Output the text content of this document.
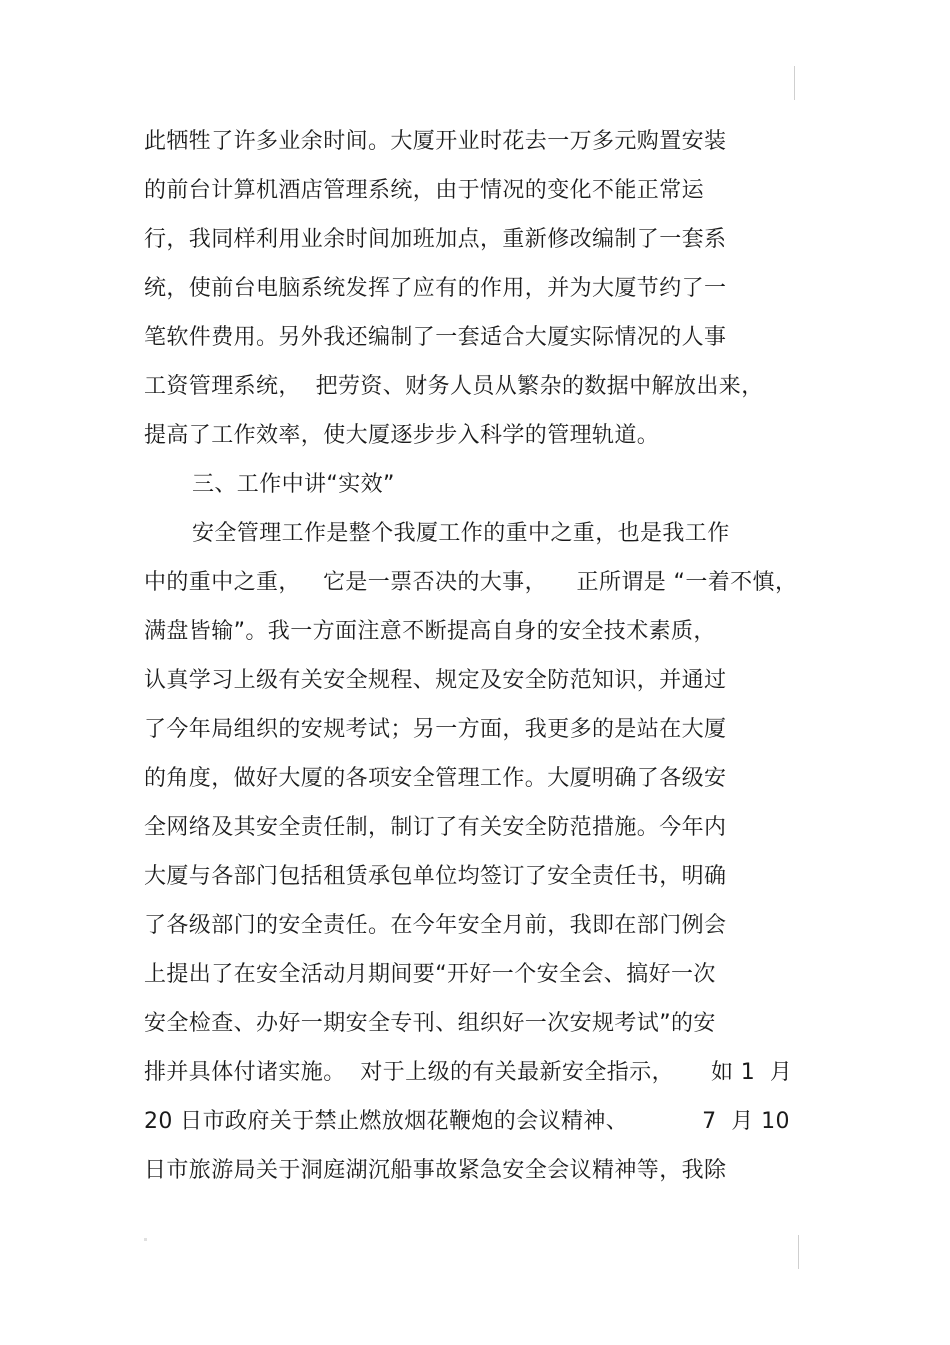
此牺牲了许多业余时间。大厦开业时花去一万多元购置安装
的前台计算机酒店管理系统，由于情况的变化不能正常运
行，我同样利用业余时间加班加点，重新修改编制了一套系
统，使前台电脑系统发挥了应有的作用，并为大厦节约了一
笔软件费用。另外我还编制了一套适合大厦实际情况的人事
工资管理系统，  把劳资、财务人员从繁杂的数据中解放出来，
提高了工作效率，使大厦逐步步入科学的管理轨道。
三、工作中讲“实效”
安全管理工作是整个我厦工作的重中之重，也是我工作
中的重中之重，   它是一票否决的大事，    正所谓是 “一着不慎，
满盘皆输”。我一方面注意不断提高自身的安全技术素质，
认真学习上级有关安全规程、规定及安全防范知识，并通过
了今年局组织的安规考试；另一方面，我更多的是站在大厦
的角度，做好大厦的各项安全管理工作。大厦明确了各级安
全网络及其安全责任制，制订了有关安全防范措施。今年内
大厦与各部门包括租赁承包单位均签订了安全责任书，明确
了各级部门的安全责任。在今年安全月前，我即在部门例会
上提出了在安全活动月期间要“开好一个安全会、搞好一次
安全检查、办好一期安全专刊、组织好一次安规考试”的安
排并具体付诸实施。  对于上级的有关最新安全指示，     如 1  月
20 日市政府关于禁止燃放烟花鞭炮的会议精神、          7  月 10
日市旅游局关于洞庭湖沉船事故紧急安全会议精神等，我除
